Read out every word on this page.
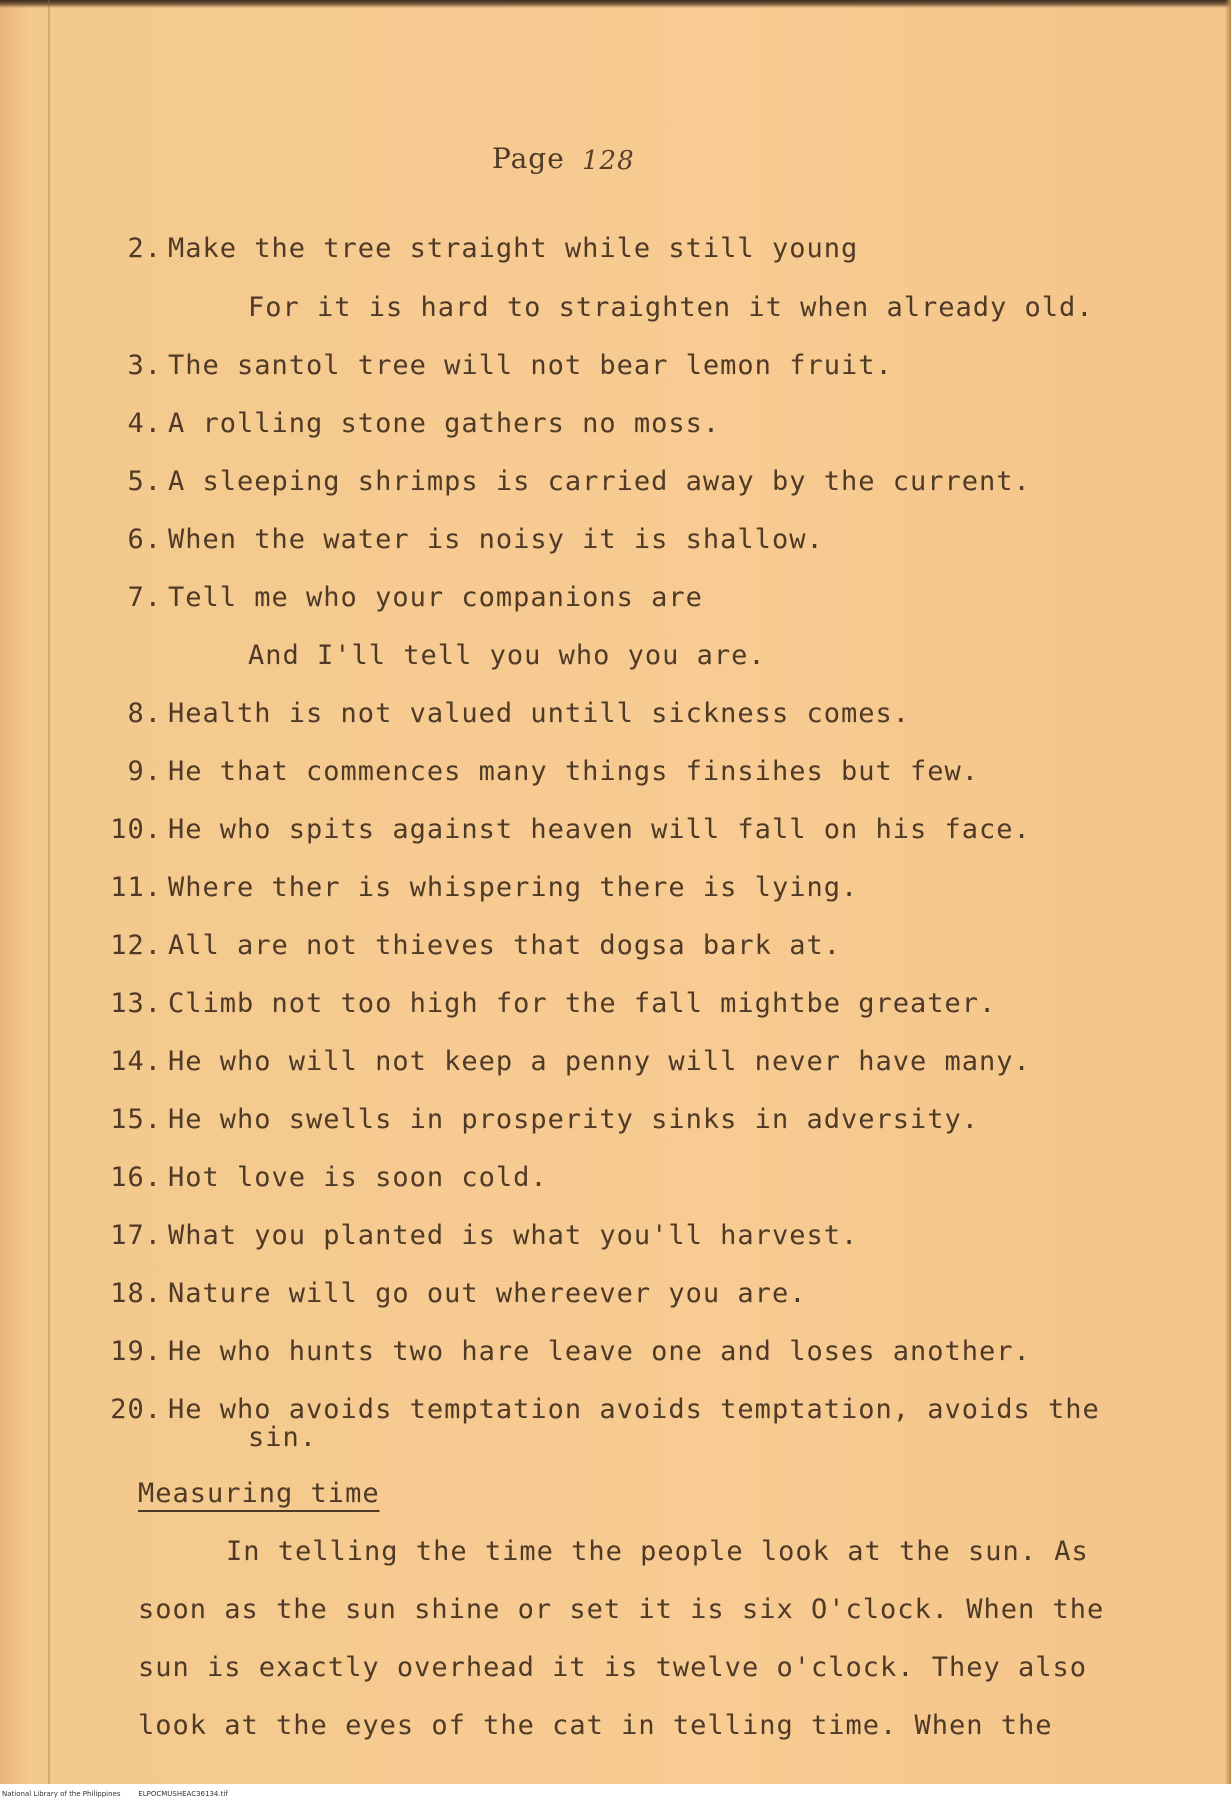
Page 128
2. Make the tree straight while still young
For it is hard to straighten it when already old.
3. The santol tree will not bear lemon fruit.
4. A rolling stone gathers no moss.
5. A sleeping shrimps is carried away by the current.
6. When the water is noisy it is shallow.
7. Tell me who your companions are
And I'll tell you who you are.
8. Health is not valued untill sickness comes.
9. He that commences many things finsihes but few.
10. He who spits against heaven will fall on his face.
11. Where ther is whispering there is lying.
12. All are not thieves that dogsa bark at.
13. Climb not too high for the fall mightbe greater.
14. He who will not keep a penny will never have many.
15. He who swells in prosperity sinks in adversity.
16. Hot love is soon cold.
17. What you planted is what you'll harvest.
18. Nature will go out whereever you are.
19. He who hunts two hare leave one and loses another.
20. He who avoids temptation avoids temptation, avoids the
sin.
Measuring time
In telling the time the people look at the sun. As
soon as the sun shine or set it is six O'clock. When the
sun is exactly overhead it is twelve o'clock. They also
look at the eyes of the cat in telling time. When the
National Library of the Philippines        ELPOCMUSHEAC36134.tif
